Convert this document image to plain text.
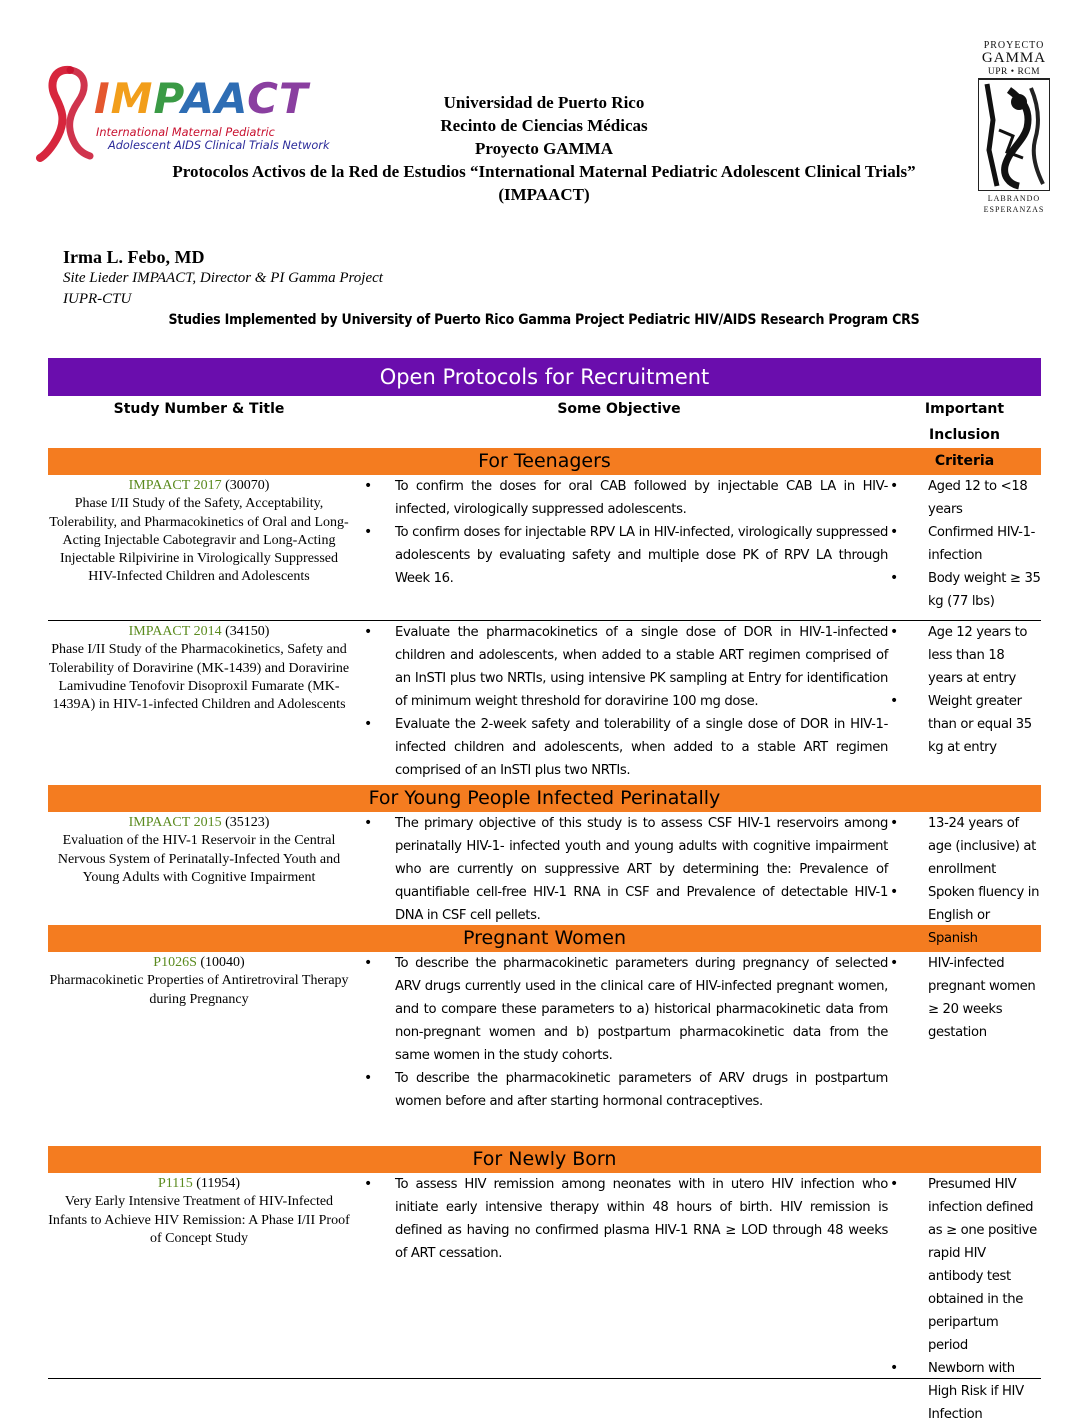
IMPAACT
International Maternal Pediatric
Adolescent AIDS Clinical Trials Network
PROYECTO
GAMMA
UPR • RCM
LABRANDO
ESPERANZAS
Universidad de Puerto Rico
Recinto de Ciencias Médicas
Proyecto GAMMA
Protocolos Activos de la Red de Estudios “International Maternal Pediatric Adolescent Clinical Trials”
(IMPAACT)
Irma L. Febo, MD
Site Lieder IMPAACT, Director & PI Gamma Project
IUPR-CTU
Studies Implemented by University of Puerto Rico Gamma Project Pediatric HIV/AIDS Research Program CRS
Open Protocols for Recruitment
Study Number & Title	Some Objective	Important Inclusion
Criteria
For Teenagers
IMPAACT 2017 (30070)
Phase I/II Study of the Safety, Acceptability, Tolerability, and Pharmacokinetics of Oral and Long-Acting Injectable Cabotegravir and Long-Acting Injectable Rilpivirine in Virologically Suppressed HIV-Infected Children and Adolescents
• To confirm the doses for oral CAB followed by injectable CAB LA in HIV-infected, virologically suppressed adolescents.
• To confirm doses for injectable RPV LA in HIV-infected, virologically suppressed adolescents by evaluating safety and multiple dose PK of RPV LA through Week 16.
• Aged 12 to <18 years
• Confirmed HIV-1-infection
• Body weight ≥ 35 kg (77 lbs)
IMPAACT 2014 (34150)
Phase I/II Study of the Pharmacokinetics, Safety and Tolerability of Doravirine (MK-1439) and Doravirine Lamivudine Tenofovir Disoproxil Fumarate (MK-1439A) in HIV-1-infected Children and Adolescents
• Evaluate the pharmacokinetics of a single dose of DOR in HIV-1-infected children and adolescents, when added to a stable ART regimen comprised of an InSTI plus two NRTIs, using intensive PK sampling at Entry for identification of minimum weight threshold for doravirine 100 mg dose.
• Evaluate the 2-week safety and tolerability of a single dose of DOR in HIV-1-infected children and adolescents, when added to a stable ART regimen comprised of an InSTI plus two NRTIs.
• Age 12 years to less than 18 years at entry
• Weight greater than or equal 35 kg at entry
For Young People Infected Perinatally
IMPAACT 2015 (35123)
Evaluation of the HIV-1 Reservoir in the Central Nervous System of Perinatally-Infected Youth and Young Adults with Cognitive Impairment
• The primary objective of this study is to assess CSF HIV-1 reservoirs among perinatally HIV-1- infected youth and young adults with cognitive impairment who are currently on suppressive ART by determining the: Prevalence of quantifiable cell-free HIV-1 RNA in CSF and Prevalence of detectable HIV-1 DNA in CSF cell pellets.
• 13-24 years of age (inclusive) at enrollment
• Spoken fluency in English or Spanish
Pregnant Women
P1026S (10040)
Pharmacokinetic Properties of Antiretroviral Therapy during Pregnancy
• To describe the pharmacokinetic parameters during pregnancy of selected ARV drugs currently used in the clinical care of HIV-infected pregnant women, and to compare these parameters to a) historical pharmacokinetic data from non-pregnant women and b) postpartum pharmacokinetic data from the same women in the study cohorts.
• To describe the pharmacokinetic parameters of ARV drugs in postpartum women before and after starting hormonal contraceptives.
• HIV-infected pregnant women ≥ 20 weeks gestation
For Newly Born
P1115 (11954)
Very Early Intensive Treatment of HIV-Infected Infants to Achieve HIV Remission: A Phase I/II Proof of Concept Study
• To assess HIV remission among neonates with in utero HIV infection who initiate early intensive therapy within 48 hours of birth. HIV remission is defined as having no confirmed plasma HIV-1 RNA ≥ LOD through 48 weeks of ART cessation.
• Presumed HIV infection defined as ≥ one positive rapid HIV antibody test obtained in the peripartum period
• Newborn with High Risk if HIV Infection
